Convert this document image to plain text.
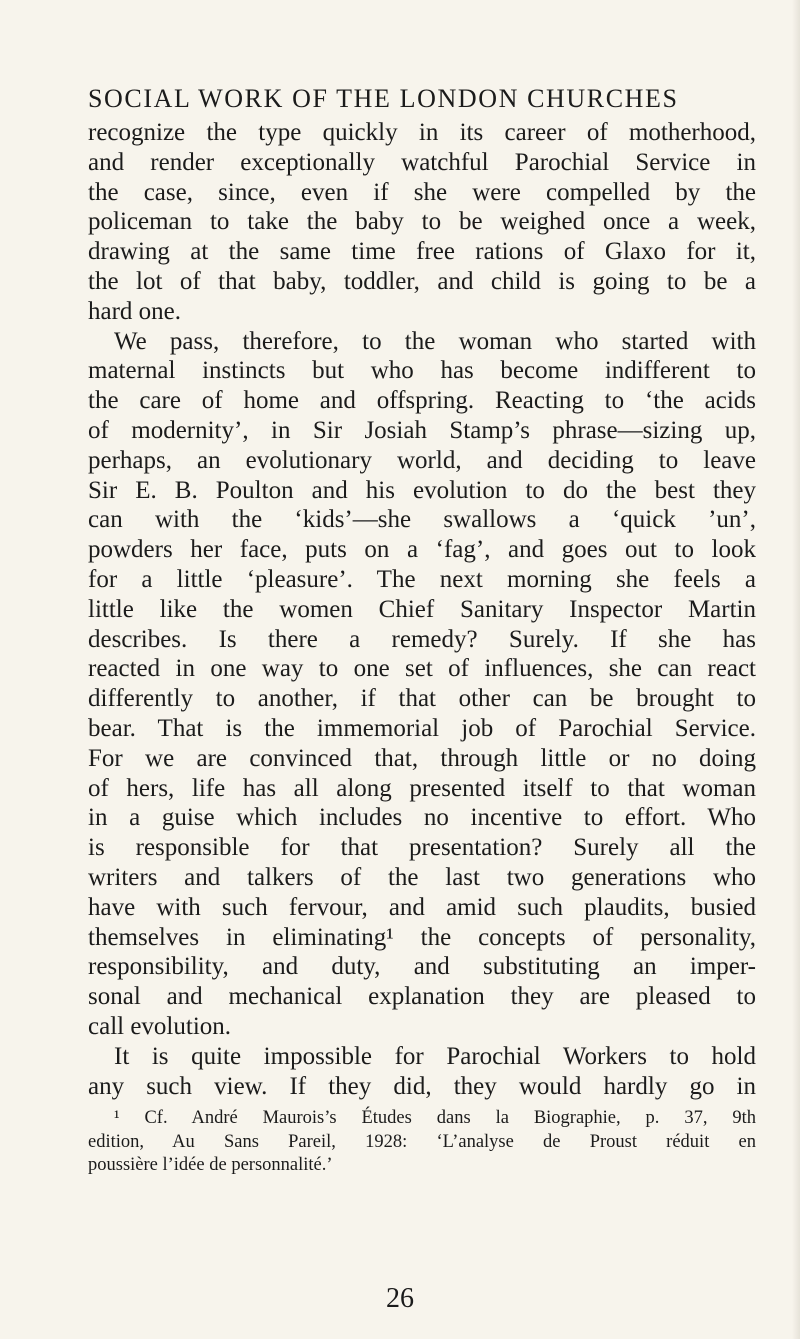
SOCIAL WORK OF THE LONDON CHURCHES
recognize the type quickly in its career of motherhood,
and render exceptionally watchful Parochial Service in
the case, since, even if she were compelled by the
policeman to take the baby to be weighed once a week,
drawing at the same time free rations of Glaxo for it,
the lot of that baby, toddler, and child is going to be a
hard one.
We pass, therefore, to the woman who started with
maternal instincts but who has become indifferent to
the care of home and offspring. Reacting to ‘the acids
of modernity’, in Sir Josiah Stamp’s phrase—sizing up,
perhaps, an evolutionary world, and deciding to leave
Sir E. B. Poulton and his evolution to do the best they
can with the ‘kids’—she swallows a ‘quick ’un’,
powders her face, puts on a ‘fag’, and goes out to look
for a little ‘pleasure’. The next morning she feels a
little like the women Chief Sanitary Inspector Martin
describes. Is there a remedy? Surely. If she has
reacted in one way to one set of influences, she can react
differently to another, if that other can be brought to
bear. That is the immemorial job of Parochial Service.
For we are convinced that, through little or no doing
of hers, life has all along presented itself to that woman
in a guise which includes no incentive to effort. Who
is responsible for that presentation? Surely all the
writers and talkers of the last two generations who
have with such fervour, and amid such plaudits, busied
themselves in eliminating¹ the concepts of personality,
responsibility, and duty, and substituting an imper-
sonal and mechanical explanation they are pleased to
call evolution.
It is quite impossible for Parochial Workers to hold
any such view. If they did, they would hardly go in
¹ Cf. André Maurois’s Études dans la Biographie, p. 37, 9th
edition, Au Sans Pareil, 1928: ‘L’analyse de Proust réduit en
poussière l’idée de personnalité.’
26
